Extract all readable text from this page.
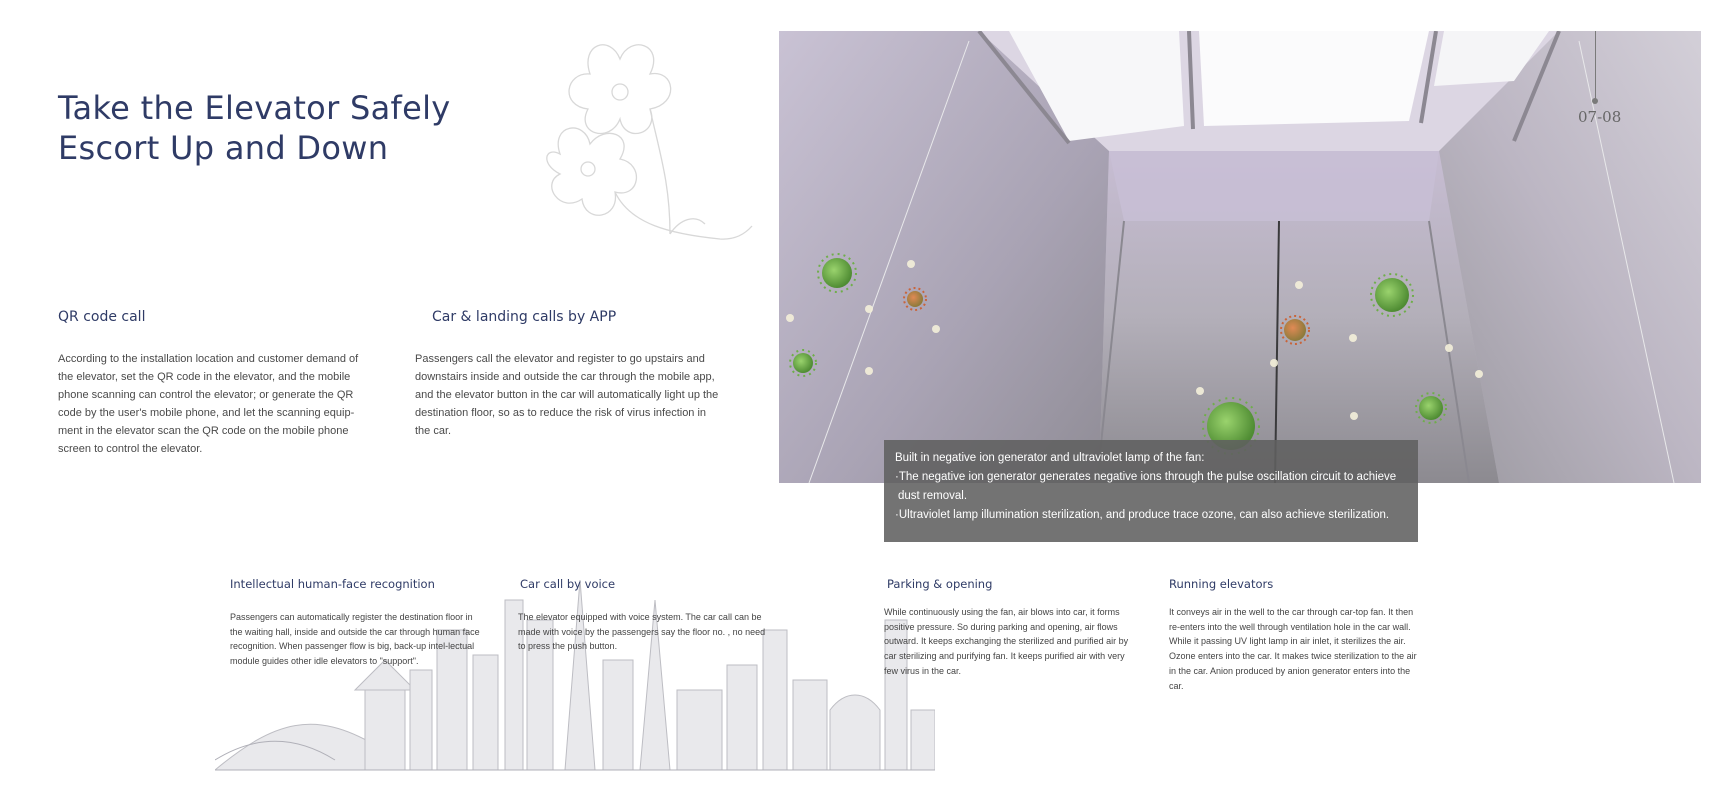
Take the Elevator Safely
Escort Up and Down
QR code call

According to the installation location and customer demand of the elevator, set the QR code in the elevator, and the mobile phone scanning can control the elevator; or generate the QR code by the user's mobile phone, and let the scanning equip-ment in the elevator scan the QR code on the mobile phone screen to control the elevator.

Car & landing calls by APP

Passengers call the elevator and register to go upstairs and downstairs inside and outside the car through the mobile app, and the elevator button in the car will automatically light up the destination floor, so as to reduce the risk of virus infection in the car.

07-08

Built in negative ion generator and ultraviolet lamp of the fan:

·The negative ion generator generates negative ions through the pulse oscillation circuit to achieve

dust removal.

·Ultraviolet lamp illumination sterilization, and produce trace ozone, can also achieve sterilization.

Intellectual human-face recognition

Passengers can automatically register the destination floor in the waiting hall, inside and outside the car through human face recognition. When passenger flow is big, back-up intel-lectual module guides other idle elevators to "support".

Car call by voice

The elevator equipped with voice system. The car call can be made with voice by the passengers say the floor no. , no need to press the push button.

Parking & opening

While continuously using the fan, air blows into car, it forms positive pressure. So during parking and opening, air flows outward. It keeps exchanging the sterilized and purified air by car sterilizing and purifying fan. It keeps purified air with very few virus in the car.

Running elevators

It conveys air in the well to the car through car-top fan. It then re-enters into the well through ventilation hole in the car wall. While it passing UV light lamp in air inlet, it sterilizes the air. Ozone enters into the car. It makes twice sterilization to the air in the car. Anion produced by anion generator enters into the car.
